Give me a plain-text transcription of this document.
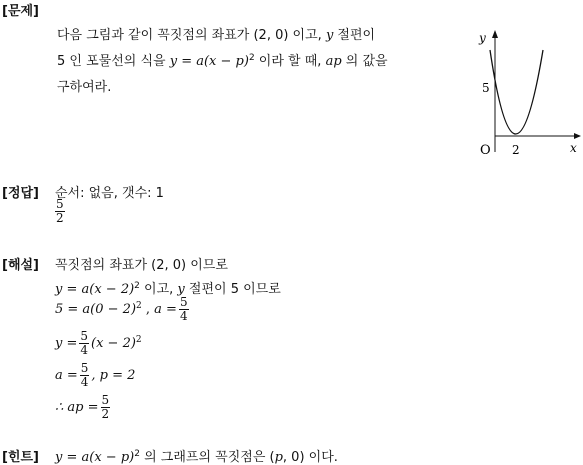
[문제]
다음 그림과 같이 꼭짓점의 좌표가 (2, 0) 이고, y 절편이
5 인 포물선의 식을 $y = a(x - p)^2$ 이라 할 때, ap 의 값을
구하여라.
y
5
O 2	x
[정답] 순서: 없음, 갯수: 1
$\frac{5}{2}$
[해설] 꼭짓점의 좌표가 (2, 0) 이므로
$y = a(x - 2)^2$ 이고, y 절편이 5 이므로
$5 = a(0 - 2)^2$ , $a = \frac{5}{4}$
$y = \frac{5}{4} (x - 2)^2$
$a = \frac{5}{4}$ , p = 2
∴ ap = $\frac{5}{2}$
[힌트] $y = a(x - p)^2$ 의 그래프의 꼭짓점은 (p, 0) 이다.
